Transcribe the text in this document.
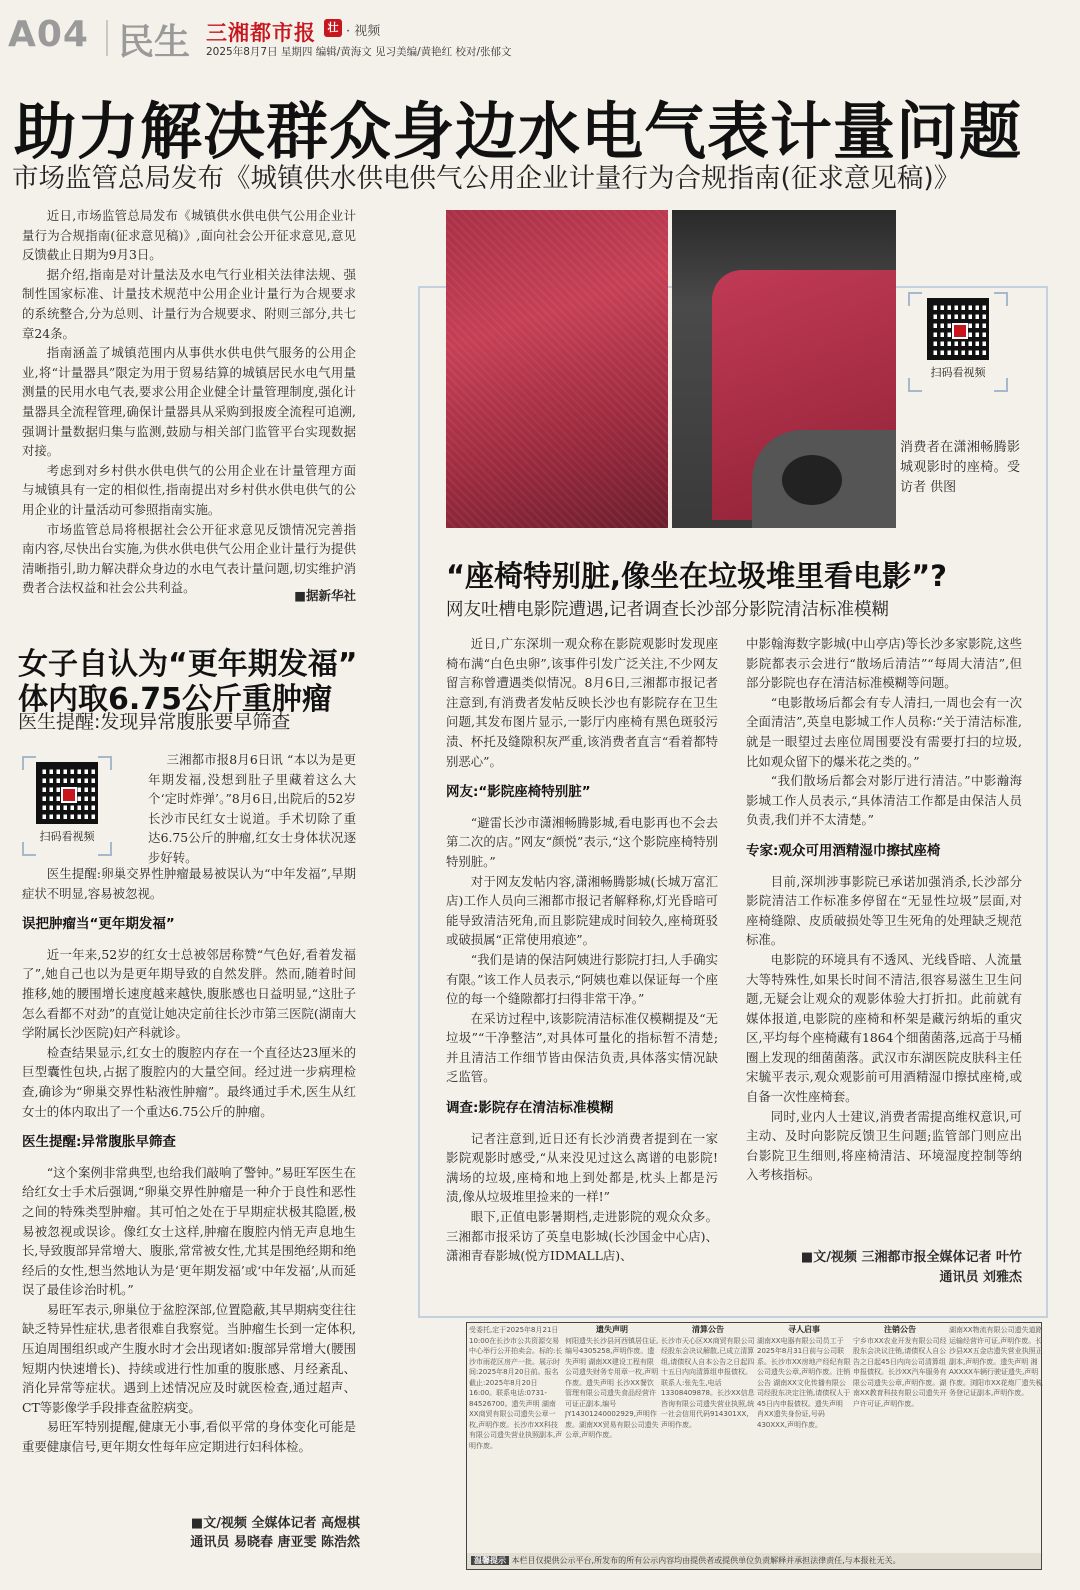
A04 民生 三湘都市报	壮 · 视频
2025年8月7日 星期四 编辑/黄海文 见习美编/黄艳红 校对/张郁文
助力解决群众身边水电气表计量问题
市场监管总局发布《城镇供水供电供气公用企业计量行为合规指南(征求意见稿)》

近日,市场监管总局发布《城镇供水供电供气公用企业计量行为合规指南(征求意见稿)》,面向社会公开征求意见,意见反馈截止日期为9月3日。

据介绍,指南是对计量法及水电气行业相关法律法规、强制性国家标准、计量技术规范中公用企业计量行为合规要求的系统整合,分为总则、计量行为合规要求、附则三部分,共七章24条。

指南涵盖了城镇范围内从事供水供电供气服务的公用企业,将“计量器具”限定为用于贸易结算的城镇居民水电气用量测量的民用水电气表,要求公用企业健全计量管理制度,强化计量器具全流程管理,确保计量器具从采购到报废全流程可追溯,强调计量数据归集与监测,鼓励与相关部门监管平台实现数据对接。

考虑到对乡村供水供电供气的公用企业在计量管理方面与城镇具有一定的相似性,指南提出对乡村供水供电供气的公用企业的计量活动可参照指南实施。

市场监管总局将根据社会公开征求意见反馈情况完善指南内容,尽快出台实施,为供水供电供气公用企业计量行为提供清晰指引,助力解决群众身边的水电气表计量问题,切实维护消费者合法权益和社会公共利益。

■据新华社
女子自认为“更年期发福”
体内取6.75公斤重肿瘤
医生提醒:发现异常腹胀要早筛查
扫码看视频

三湘都市报8月6日讯 “本以为是更年期发福,没想到肚子里藏着这么大个‘定时炸弹’。”8月6日,出院后的52岁长沙市民红女士说道。手术切除了重达6.75公斤的肿瘤,红女士身体状况逐步好转。

医生提醒:卵巢交界性肿瘤最易被误认为“中年发福”,早期症状不明显,容易被忽视。

误把肿瘤当“更年期发福”

近一年来,52岁的红女士总被邻居称赞“气色好,看着发福了”,她自己也以为是更年期导致的自然发胖。然而,随着时间推移,她的腰围增长速度越来越快,腹胀感也日益明显,“这肚子怎么看都不对劲”的直觉让她决定前往长沙市第三医院(湖南大学附属长沙医院)妇产科就诊。

检查结果显示,红女士的腹腔内存在一个直径达23厘米的巨型囊性包块,占据了腹腔内的大量空间。经过进一步病理检查,确诊为“卵巢交界性粘液性肿瘤”。最终通过手术,医生从红女士的体内取出了一个重达6.75公斤的肿瘤。

医生提醒:异常腹胀早筛查

“这个案例非常典型,也给我们敲响了警钟。”易旺军医生在给红女士手术后强调,“卵巢交界性肿瘤是一种介于良性和恶性之间的特殊类型肿瘤。其可怕之处在于早期症状极其隐匿,极易被忽视或误诊。像红女士这样,肿瘤在腹腔内悄无声息地生长,导致腹部异常增大、腹胀,常常被女性,尤其是围绝经期和绝经后的女性,想当然地认为是‘更年期发福’或‘中年发福’,从而延误了最佳诊治时机。”

易旺军表示,卵巢位于盆腔深部,位置隐蔽,其早期病变往往缺乏特异性症状,患者很难自我察觉。当肿瘤生长到一定体积,压迫周围组织或产生腹水时才会出现诸如:腹部异常增大(腰围短期内快速增长)、持续或进行性加重的腹胀感、月经紊乱、消化异常等症状。遇到上述情况应及时就医检查,通过超声、CT等影像学手段排查盆腔病变。

易旺军特别提醒,健康无小事,看似平常的身体变化可能是重要健康信号,更年期女性每年应定期进行妇科体检。

■文/视频 全媒体记者 高煜棋
通讯员 易晓春 唐亚雯 陈浩然
扫码看视频
消费者在潇湘畅腾影城观影时的座椅。受访者 供图
“座椅特别脏,像坐在垃圾堆里看电影”?
网友吐槽电影院遭遇,记者调查长沙部分影院清洁标准模糊

近日,广东深圳一观众称在影院观影时发现座椅布满“白色虫卵”,该事件引发广泛关注,不少网友留言称曾遭遇类似情况。8月6日,三湘都市报记者注意到,有消费者发帖反映长沙也有影院存在卫生问题,其发布图片显示,一影厅内座椅有黑色斑驳污渍、杯托及缝隙积灰严重,该消费者直言“看着都特别恶心”。

网友:“影院座椅特别脏”

“避雷长沙市潇湘畅腾影城,看电影再也不会去第二次的店。”网友“颜悦”表示,“这个影院座椅特别特别脏。”

对于网友发帖内容,潇湘畅腾影城(长城万富汇店)工作人员向三湘都市报记者解释称,灯光昏暗可能导致清洁死角,而且影院建成时间较久,座椅斑驳或破损属“正常使用痕迹”。

“我们是请的保洁阿姨进行影院打扫,人手确实有限。”该工作人员表示,“阿姨也难以保证每一个座位的每一个缝隙都打扫得非常干净。”

在采访过程中,该影院清洁标准仅模糊提及“无垃圾”“干净整洁”,对具体可量化的指标暂不清楚;并且清洁工作细节皆由保洁负责,具体落实情况缺乏监管。

调查:影院存在清洁标准模糊

记者注意到,近日还有长沙消费者提到在一家影院观影时感受,“从来没见过这么离谱的电影院!满场的垃圾,座椅和地上到处都是,枕头上都是污渍,像从垃圾堆里捡来的一样!”

眼下,正值电影暑期档,走进影院的观众众多。三湘都市报采访了英皇电影城(长沙国金中心店)、潇湘青春影城(悦方IDMALL店)、

中影翰海数字影城(中山亭店)等长沙多家影院,这些影院都表示会进行“散场后清洁”“每周大清洁”,但部分影院也存在清洁标准模糊等问题。

“电影散场后都会有专人清扫,一周也会有一次全面清洁”,英皇电影城工作人员称:“关于清洁标准,就是一眼望过去座位周围要没有需要打扫的垃圾,比如观众留下的爆米花之类的。”

“我们散场后都会对影厅进行清洁。”中影瀚海影城工作人员表示,“具体清洁工作都是由保洁人员负责,我们并不太清楚。”

专家:观众可用酒精湿巾擦拭座椅

目前,深圳涉事影院已承诺加强消杀,长沙部分影院清洁工作标准多停留在“无显性垃圾”层面,对座椅缝隙、皮质破损处等卫生死角的处理缺乏规范标准。

电影院的环境具有不透风、光线昏暗、人流量大等特殊性,如果长时间不清洁,很容易滋生卫生问题,无疑会让观众的观影体验大打折扣。此前就有媒体报道,电影院的座椅和杯架是藏污纳垢的重灾区,平均每个座椅藏有1864个细菌菌落,远高于马桶圈上发现的细菌菌落。武汉市东湖医院皮肤科主任宋毓平表示,观众观影前可用酒精湿巾擦拭座椅,或自备一次性座椅套。

同时,业内人士建议,消费者需提高维权意识,可主动、及时向影院反馈卫生问题;监管部门则应出台影院卫生细则,将座椅清洁、环境湿度控制等纳入考核指标。

■文/视频 三湘都市报全媒体记者 叶竹
通讯员 刘雅杰
受委托,定于2025年8月21日10:00在长沙市公共资源交易中心举行公开拍卖会。标的:长沙市雨花区房产一批。展示时间:2025年8月20日前。报名截止:2025年8月20日16:00。联系电话:0731-84526700。遗失声明 湖南XX商贸有限公司遗失公章一枚,声明作废。长沙市XX科技有限公司遗失营业执照副本,声明作废。
遗失声明
何阳遗失长沙县河西镇居住证,编号4305258,声明作废。遗失声明 湖南XX建设工程有限公司遗失财务专用章一枚,声明作废。遗失声明 长沙XX餐饮管理有限公司遗失食品经营许可证正副本,编号JY14301240002929,声明作废。湖南XX贸易有限公司遗失公章,声明作废。
清算公告
长沙市天心区XX商贸有限公司经股东会决议解散,已成立清算组,请债权人自本公告之日起四十五日内向清算组申报债权。联系人:张先生,电话13308409878。长沙XX信息咨询有限公司遗失营业执照,统一社会信用代码914301XX,声明作废。
寻人启事
湖南XX电器有限公司员工于2025年8月31日前与公司联系。长沙市XX房地产经纪有限公司遗失公章,声明作废。注销公告 湖南XX文化传播有限公司经股东决定注销,请债权人于45日内申报债权。遗失声明 肖XX遗失身份证,号码430XXX,声明作废。
注销公告
宁乡市XX农业开发有限公司经股东会决议注销,请债权人自公告之日起45日内向公司清算组申报债权。长沙XX汽车服务有限公司遗失公章,声明作废。湖南XX教育科技有限公司遗失开户许可证,声明作废。
湖南XX物流有限公司遗失道路运输经营许可证,声明作废。长沙县XX五金店遗失营业执照正副本,声明作废。遗失声明 湘AXXXX车辆行驶证遗失,声明作废。浏阳市XX花炮厂遗失税务登记证副本,声明作废。
温馨提示 本栏目仅提供公示平台,所发布的所有公示内容均由提供者或提供单位负责解释并承担法律责任,与本报社无关。
